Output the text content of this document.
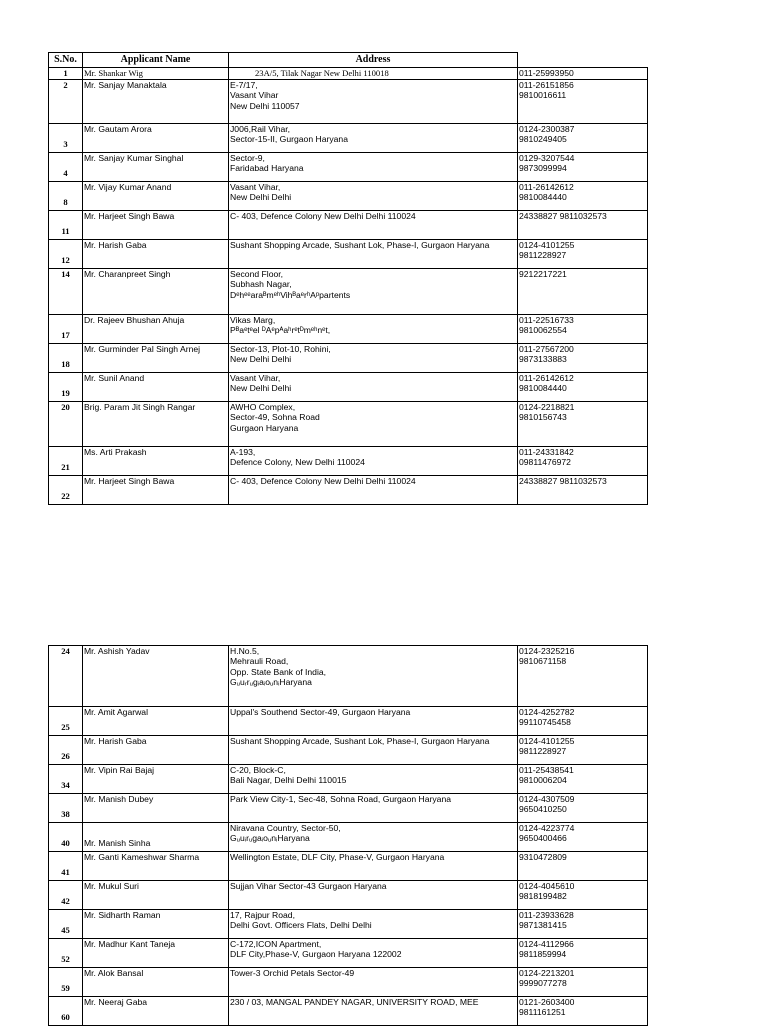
S.No.	Applicant Name	Address	
1	Mr. Shankar Wig	23A/5, Tilak Nagar New Delhi 110018	011-25993950
2	Mr. Sanjay Manaktala	E-7/17,
Vasant Vihar
New Delhi 110057	011-26151856
9810016611
3	Mr. Gautam Arora	J006,Rail Vihar,
Sector-15-II, Gurgaon Haryana	0124-2300387
9810249405
4	Mr. Sanjay Kumar Singhal	Sector-9,
Faridabad Haryana	0129-3207544
9873099994
8	Mr. Vijay Kumar Anand	Vasant Vihar,
New Delhi Delhi	011-26142612
9810084440
11	Mr. Harjeet Singh Bawa	C- 403, Defence Colony New Delhi Delhi 110024	24338827 9811032573
12	Mr. Harish Gaba	Sushant Shopping Arcade, Sushant Lok, Phase-I, Gurgaon Haryana	0124-4101255
9811228927
14	Mr. Charanpreet Singh	Second Floor,
Subhash Nagar,
DᵉhᵉᵉaraᴮmᵉʰVihᴮaᵉrʰAᵖpartents	9212217221
17	Dr. Rajeev Bhushan Ahuja	Vikas Marg,
Pᴮaᵉtᵉel ᴰAᵉpᴬaʰrᵉtᴰmᵉʰnᵉt,	011-22516733
9810062554
18	Mr. Gurminder Pal Singh Arnej	Sector-13, Plot-10, Rohini,
New Delhi Delhi	011-27567200
9873133883
19	Mr. Sunil Anand	Vasant Vihar,
New Delhi Delhi	011-26142612
9810084440
20	Brig. Param Jit Singh Rangar	AWHO Complex,
Sector-49, Sohna Road
Gurgaon Haryana	0124-2218821
9810156743
21	Ms. Arti Prakash	A-193,
Defence Colony, New Delhi 110024	011-24331842
09811476972
22	Mr. Harjeet Singh Bawa	C- 403, Defence Colony New Delhi Delhi 110024	24338827 9811032573
24	Mr. Ashish Yadav	H.No.5,
Mehrauli Road,
Opp. State Bank of India,
GᵤuᵣrᵤgᵢaᵢoᵤnᵢHaryana	0124-2325216
9810671158
25	Mr. Amit Agarwal	Uppal's Southend Sector-49, Gurgaon Haryana	0124-4252782
99110745458
26	Mr. Harish Gaba	Sushant Shopping Arcade, Sushant Lok, Phase-I, Gurgaon Haryana	0124-4101255
9811228927
34	Mr. Vipin Rai Bajaj	C-20, Block-C,
Bali Nagar, Delhi Delhi 110015	011-25438541
9810006204
38	Mr. Manish Dubey	Park View City-1, Sec-48, Sohna Road, Gurgaon Haryana	0124-4307509
9650410250
40	Mr. Manish Sinha	Niravana Country, Sector-50,
GᵤuᵢrᵤgaᵢoᵤnᵢHaryana	0124-4223774
9650400466
41	Mr. Ganti Kameshwar Sharma	Wellington Estate, DLF City, Phase-V, Gurgaon Haryana	9310472809
42	Mr. Mukul Suri	Sujjan Vihar Sector-43 Gurgaon Haryana	0124-4045610
9818199482
45	Mr. Sidharth Raman	17, Rajpur Road,
Delhi Govt. Officers Flats, Delhi Delhi	011-23933628
9871381415
52	Mr. Madhur Kant Taneja	C-172,ICON Apartment,
DLF City,Phase-V, Gurgaon Haryana 122002	0124-4112966
9811859994
59	Mr. Alok Bansal	Tower-3 Orchid Petals Sector-49	0124-2213201
9999077278
60	Mr. Neeraj Gaba	230 / 03, MANGAL PANDEY NAGAR, UNIVERSITY ROAD, MEE	0121-2603400
9811161251
